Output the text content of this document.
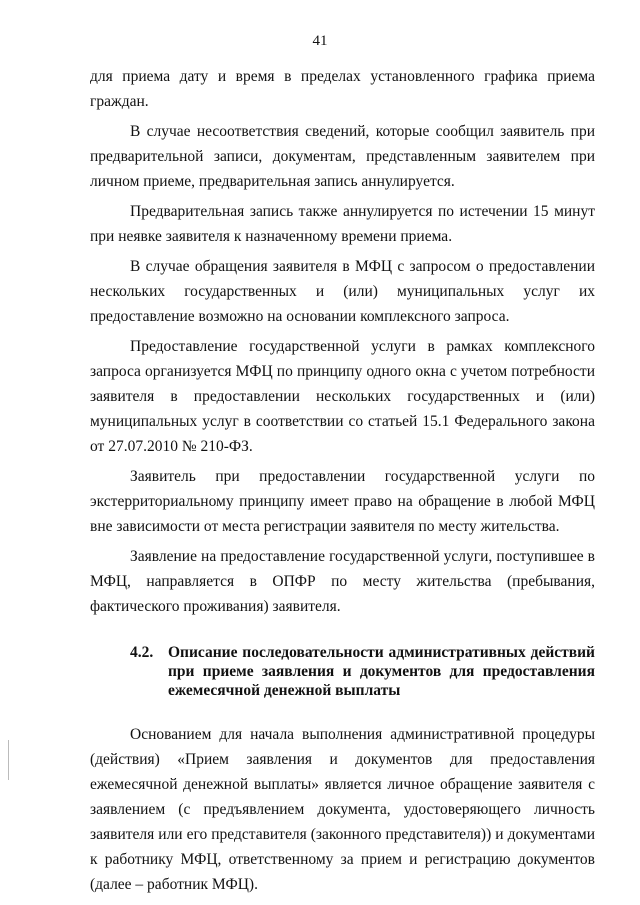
41

для приема дату и время в пределах установленного графика приема граждан.

В случае несоответствия сведений, которые сообщил заявитель при предварительной записи, документам, представленным заявителем при личном приеме, предварительная запись аннулируется.

Предварительная запись также аннулируется по истечении 15 минут при неявке заявителя к назначенному времени приема.

В случае обращения заявителя в МФЦ с запросом о предоставлении нескольких государственных и (или) муниципальных услуг их предоставление возможно на основании комплексного запроса.

Предоставление государственной услуги в рамках комплексного запроса организуется МФЦ по принципу одного окна с учетом потребности заявителя в предоставлении нескольких государственных и (или) муниципальных услуг в соответствии со статьей 15.1 Федерального закона от 27.07.2010 № 210-ФЗ.

Заявитель при предоставлении государственной услуги по экстерриториальному принципу имеет право на обращение в любой МФЦ вне зависимости от места регистрации заявителя по месту жительства.

Заявление на предоставление государственной услуги, поступившее в МФЦ, направляется в ОПФР по месту жительства (пребывания, фактического проживания) заявителя.

4.2. Описание последовательности административных действий при приеме заявления и документов для предоставления ежемесячной денежной выплаты

Основанием для начала выполнения административной процедуры (действия) «Прием заявления и документов для предоставления ежемесячной денежной выплаты» является личное обращение заявителя с заявлением (с предъявлением документа, удостоверяющего личность заявителя или его представителя (законного представителя)) и документами к работнику МФЦ, ответственному за прием и регистрацию документов (далее – работник МФЦ).
